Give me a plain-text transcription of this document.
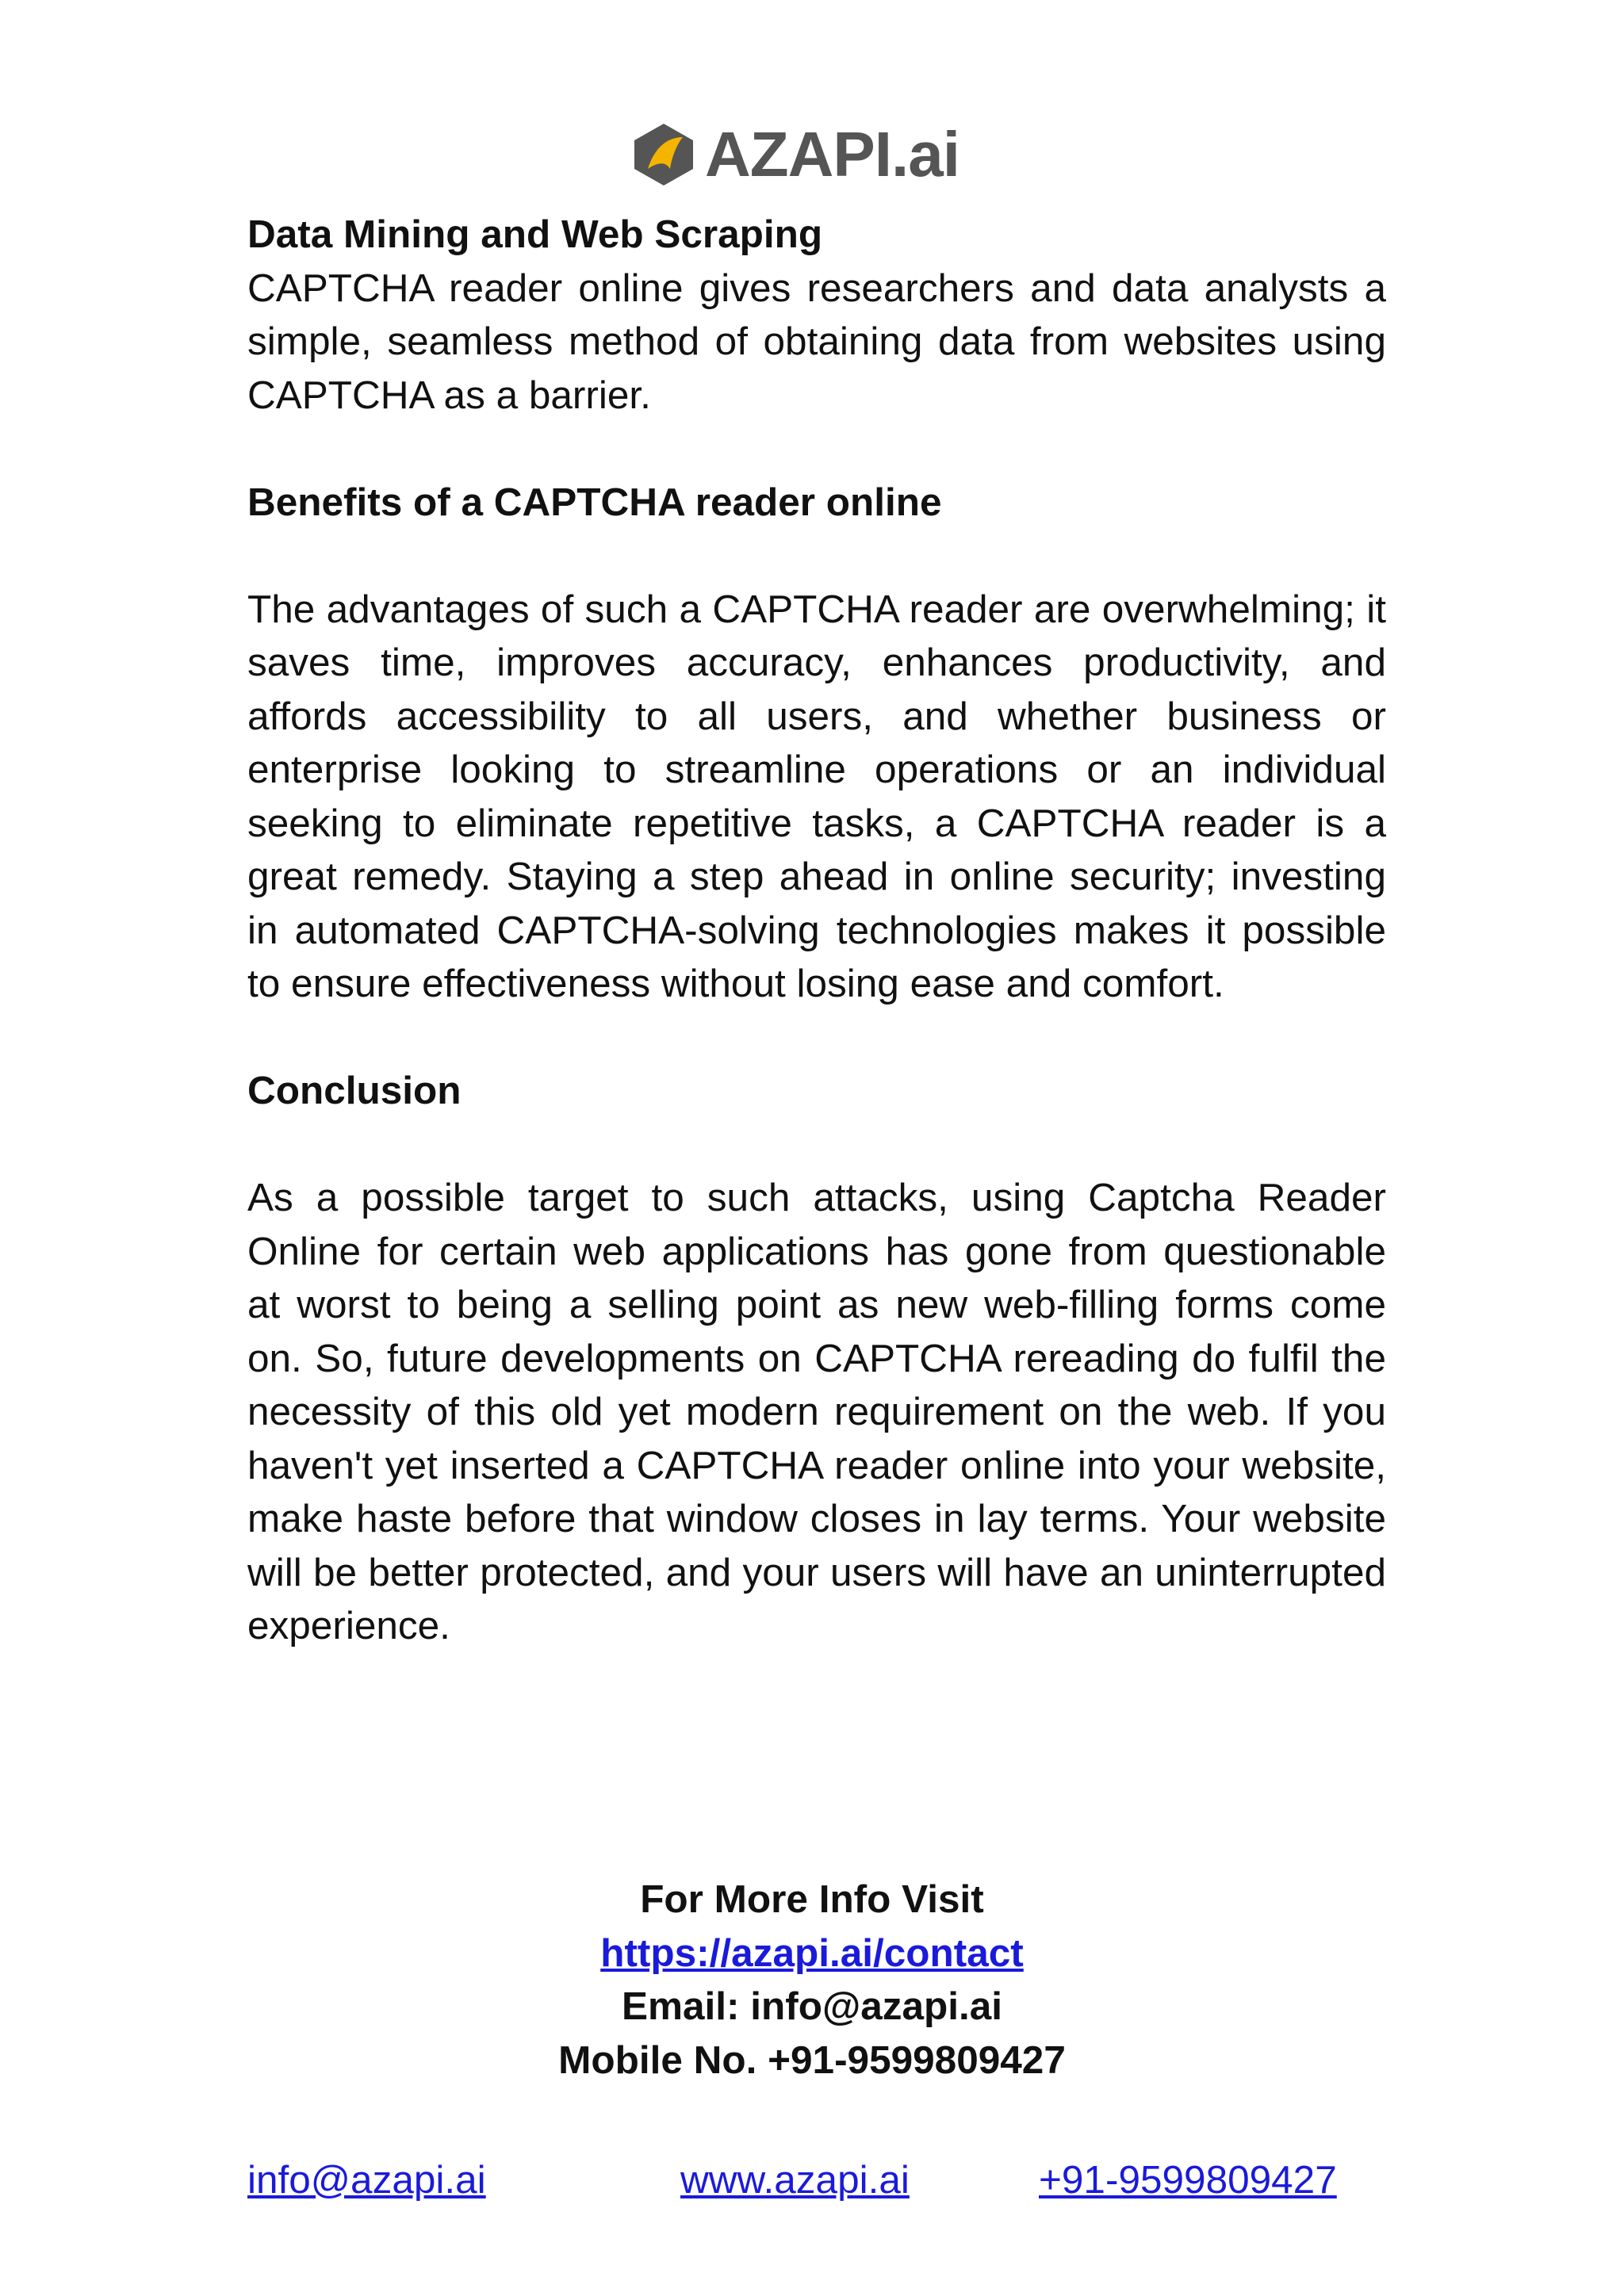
AZAPI.ai

Data Mining and Web Scraping

CAPTCHA reader online gives researchers and data analysts a simple, seamless method of obtaining data from websites using CAPTCHA as a barrier.

Benefits of a CAPTCHA reader online

The advantages of such a CAPTCHA reader are overwhelming; it saves time, improves accuracy, enhances productivity, and affords accessibility to all users, and whether business or enterprise looking to streamline operations or an individual seeking to eliminate repetitive tasks, a CAPTCHA reader is a great remedy. Staying a step ahead in online security; investing in automated CAPTCHA-solving technologies makes it possible to ensure effectiveness without losing ease and comfort.

Conclusion

As a possible target to such attacks, using Captcha Reader Online for certain web applications has gone from questionable at worst to being a selling point as new web-filling forms come on. So, future developments on CAPTCHA rereading do fulfil the necessity of this old yet modern requirement on the web. If you haven't yet inserted a CAPTCHA reader online into your website, make haste before that window closes in lay terms. Your website will be better protected, and your users will have an uninterrupted experience.

For More Info Visit
https://azapi.ai/contact
Email: info@azapi.ai
Mobile No. +91-9599809427
info@azapi.ai	www.azapi.ai	+91-9599809427
